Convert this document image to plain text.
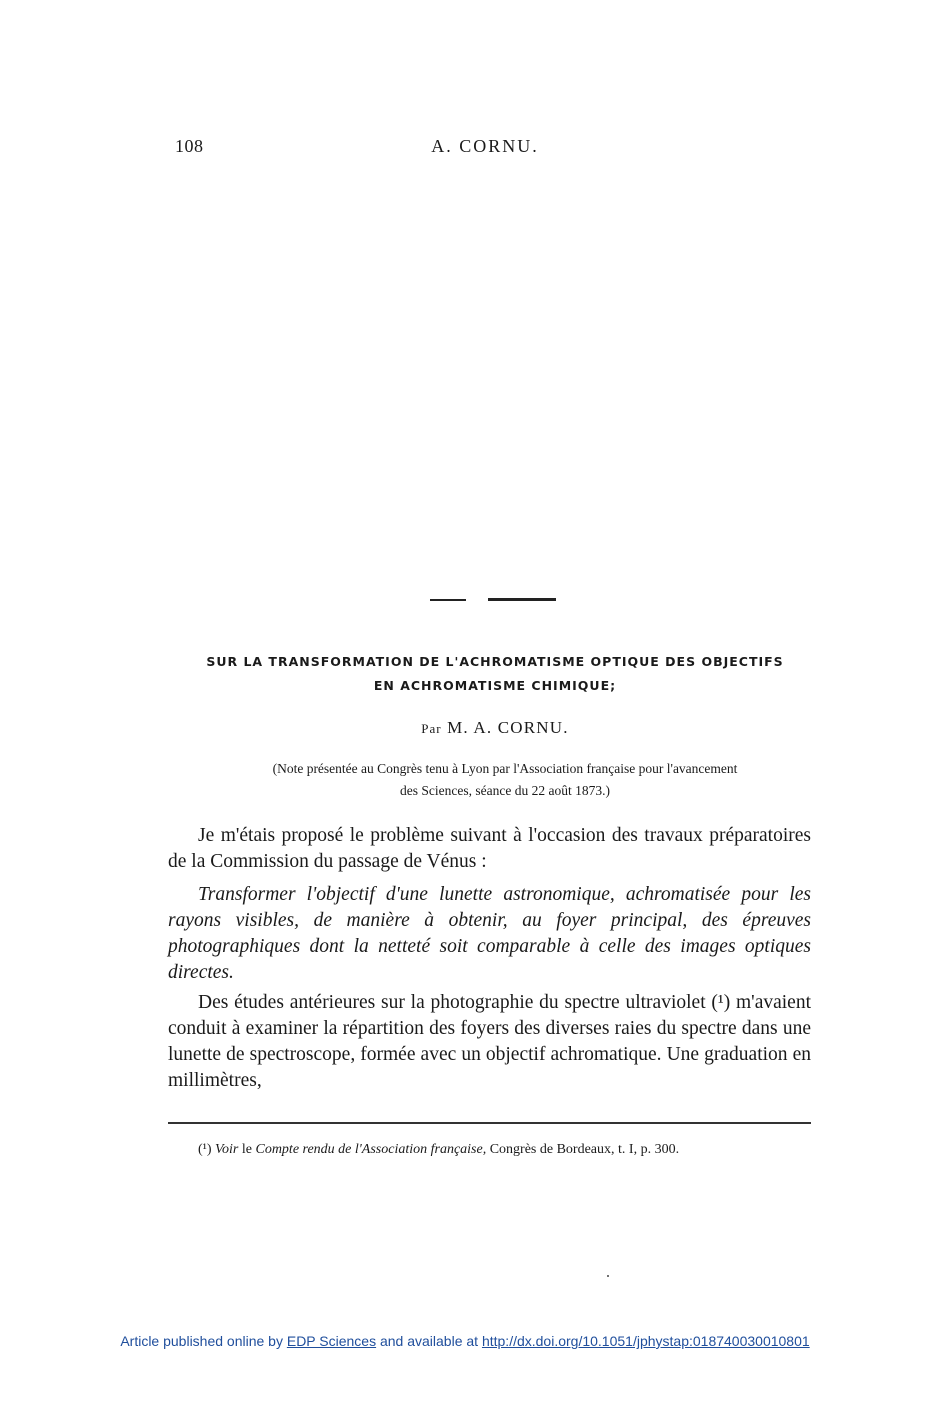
108	A. CORNU.
SUR LA TRANSFORMATION DE L'ACHROMATISME OPTIQUE DES OBJECTIFS
EN ACHROMATISME CHIMIQUE;
Par M. A. CORNU.
(Note présentée au Congrès tenu à Lyon par l'Association française pour l'avancement
des Sciences, séance du 22 août 1873.)
Je m'étais proposé le problème suivant à l'occasion des travaux préparatoires de la Commission du passage de Vénus :
Transformer l'objectif d'une lunette astronomique, achromatisée pour les rayons visibles, de manière à obtenir, au foyer principal, des épreuves photographiques dont la netteté soit comparable à celle des images optiques directes.
Des études antérieures sur la photographie du spectre ultraviolet (¹) m'avaient conduit à examiner la répartition des foyers des diverses raies du spectre dans une lunette de spectroscope, formée avec un objectif achromatique. Une graduation en millimètres,
(¹) Voir le Compte rendu de l'Association française, Congrès de Bordeaux, t. I, p. 300.
Article published online by EDP Sciences and available at http://dx.doi.org/10.1051/jphystap:018740030010801
